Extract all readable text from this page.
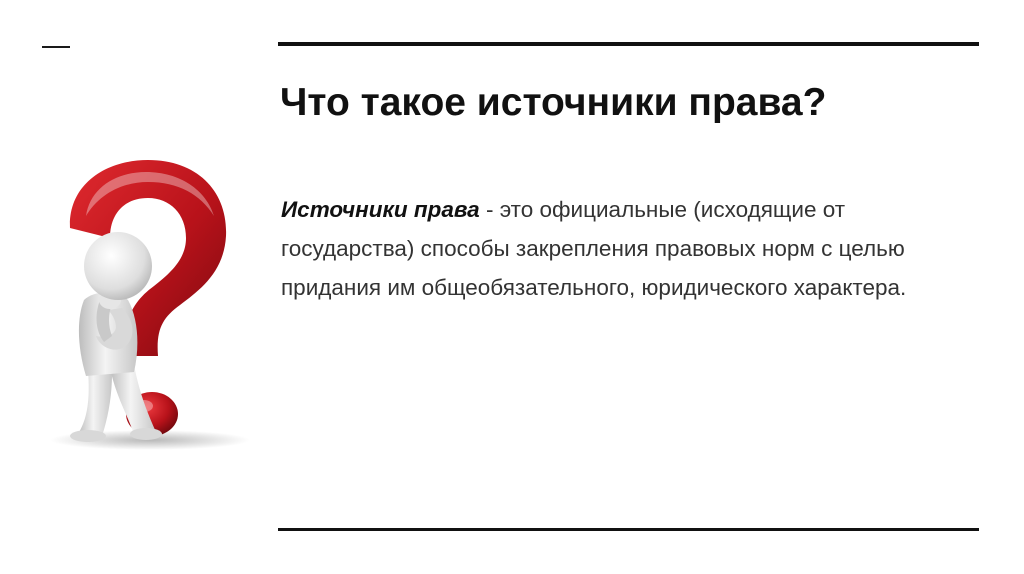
Что такое источники права?

Источники права - это официальные (исходящие от государства) способы закрепления правовых норм с целью придания им общеобязательного, юридического характера.
